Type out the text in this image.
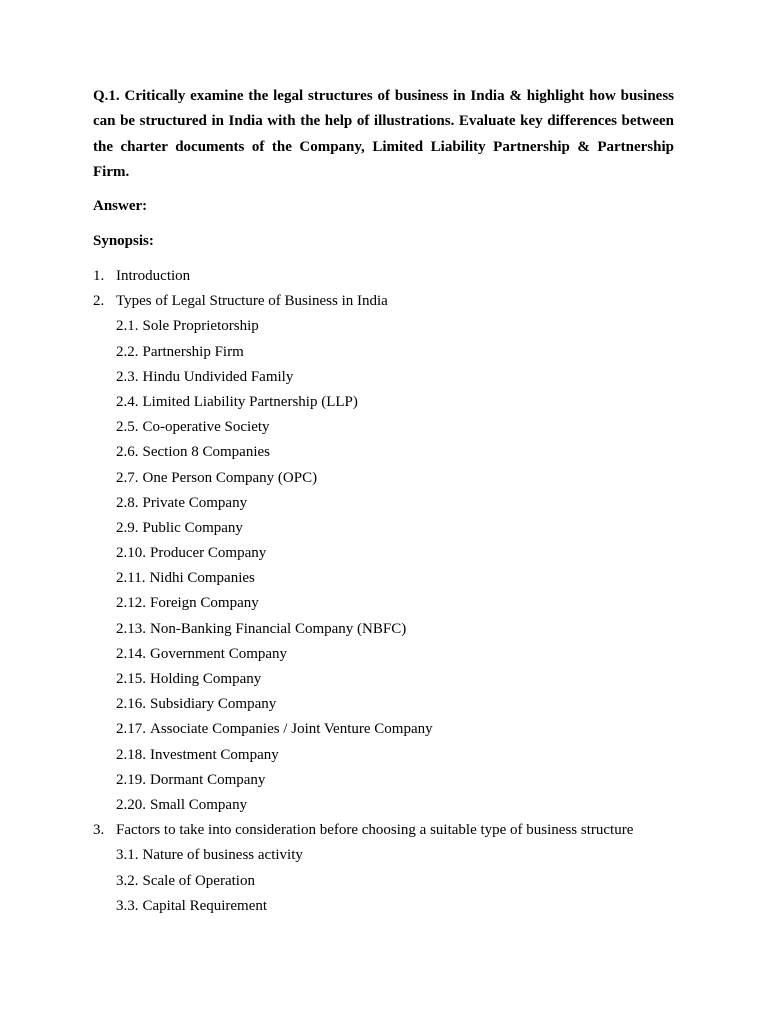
Q.1. Critically examine the legal structures of business in India & highlight how business can be structured in India with the help of illustrations. Evaluate key differences between the charter documents of the Company, Limited Liability Partnership & Partnership Firm.

Answer:

Synopsis:

1. Introduction
2. Types of Legal Structure of Business in India
2.1. Sole Proprietorship
2.2. Partnership Firm
2.3. Hindu Undivided Family
2.4. Limited Liability Partnership (LLP)
2.5. Co-operative Society
2.6. Section 8 Companies
2.7. One Person Company (OPC)
2.8. Private Company
2.9. Public Company
2.10. Producer Company
2.11. Nidhi Companies
2.12. Foreign Company
2.13. Non-Banking Financial Company (NBFC)
2.14. Government Company
2.15. Holding Company
2.16. Subsidiary Company
2.17. Associate Companies / Joint Venture Company
2.18. Investment Company
2.19. Dormant Company
2.20. Small Company
3. Factors to take into consideration before choosing a suitable type of business structure
3.1. Nature of business activity
3.2. Scale of Operation
3.3. Capital Requirement
